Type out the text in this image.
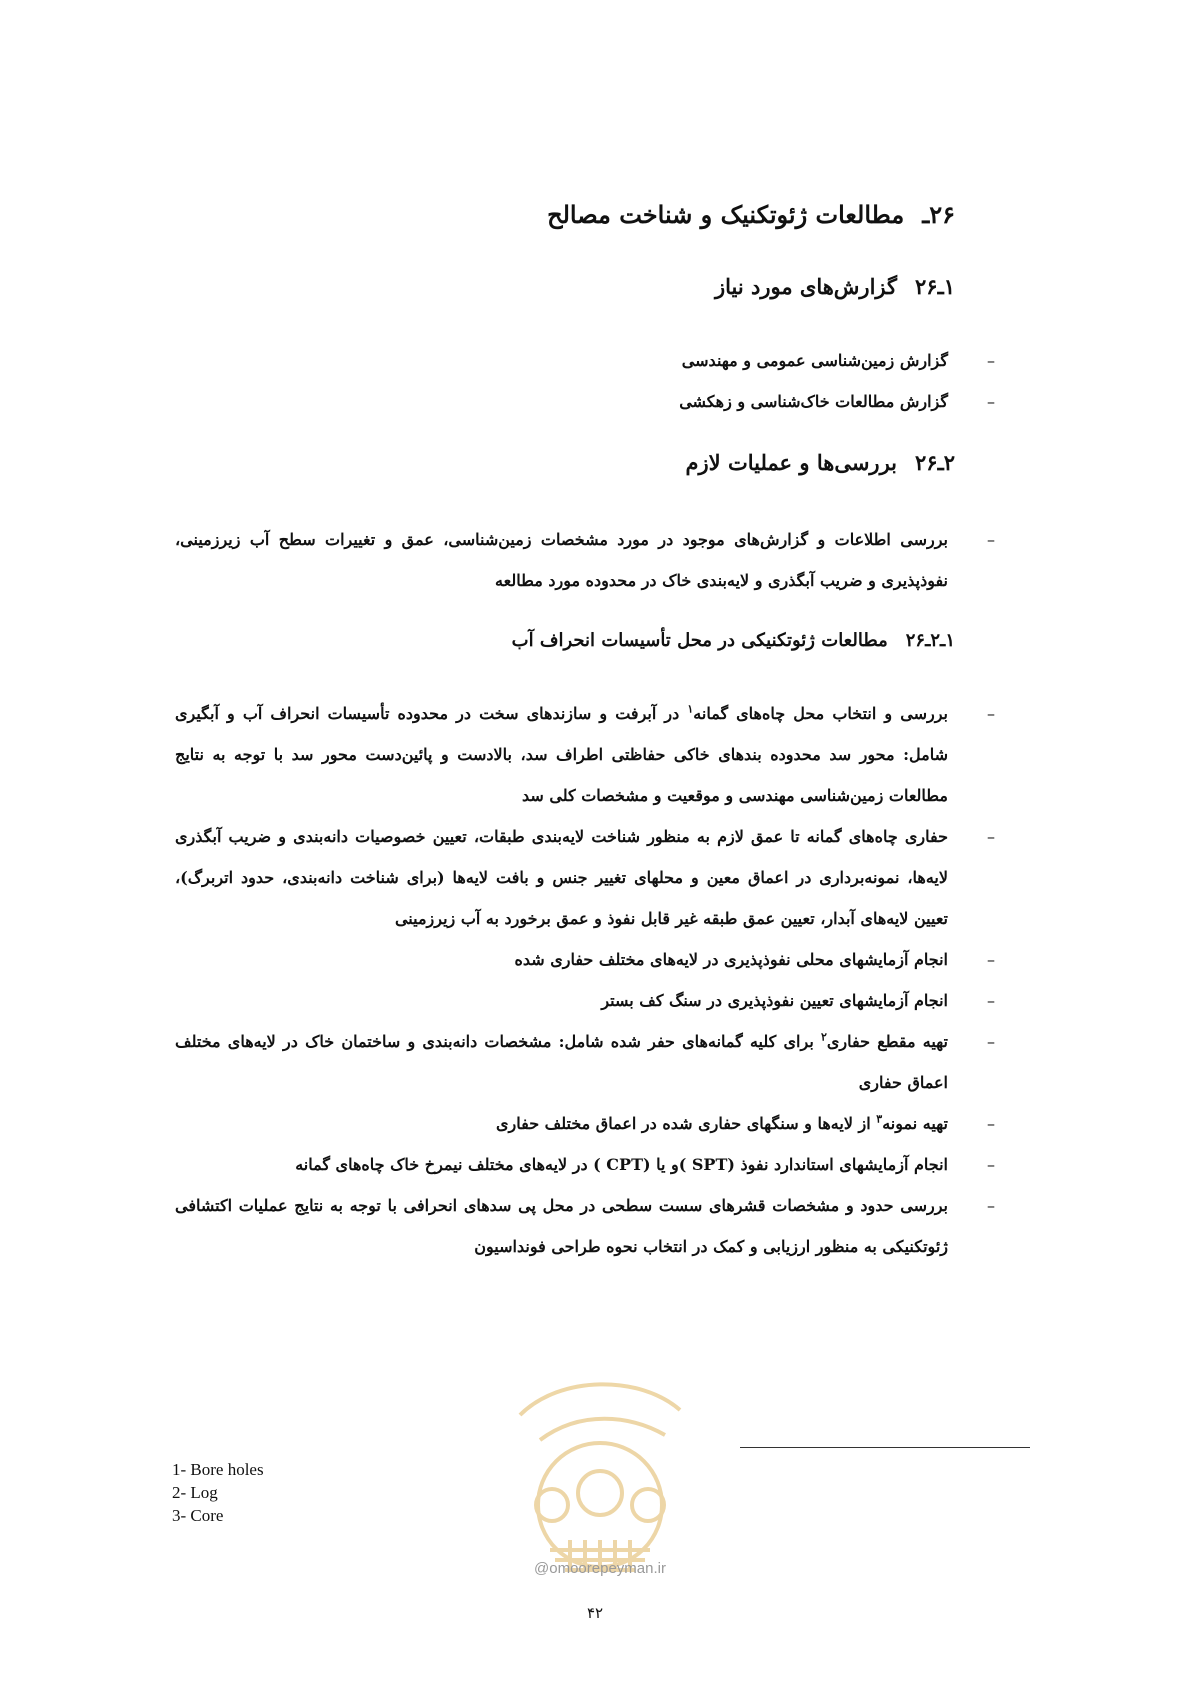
۲۶ـمطالعات ژئوتکنیک و شناخت مصالح
۱ـ۲۶گزارش‌های مورد نیاز
–
گزارش زمین‌شناسی عمومی و مهندسی
–
گزارش مطالعات خاک‌شناسی و زهکشی
۲ـ۲۶بررسی‌ها و عملیات لازم
–
بررسی اطلاعات و گزارش‌های موجود در مورد مشخصات زمین‌شناسی، عمق و تغییرات سطح آب زیرزمینی، نفوذپذیری و ضریب آبگذری و لایه‌بندی خاک در محدوده مورد مطالعه
۱ـ۲ـ۲۶مطالعات ژئوتکنیکی در محل تأسیسات انحراف آب
–
بررسی و انتخاب محل چاه‌های گمانه$^۱$ در آبرفت و سازندهای سخت در محدوده تأسیسات انحراف آب و آبگیری شامل: محور سد محدوده بندهای خاکی حفاظتی اطراف سد، بالادست و پائین‌دست محور سد با توجه به نتایج مطالعات زمین‌شناسی مهندسی و موقعیت و مشخصات کلی سد
–
حفاری چاه‌های گمانه تا عمق لازم به منظور شناخت لایه‌بندی طبقات، تعیین خصوصیات دانه‌بندی و ضریب آبگذری لایه‌ها، نمونه‌برداری در اعماق معین و محلهای تغییر جنس و بافت لایه‌ها (برای شناخت دانه‌بندی، حدود اتربرگ)، تعیین لایه‌های آبدار، تعیین عمق طبقه غیر قابل نفوذ و عمق برخورد به آب زیرزمینی
–
انجام آزمایشهای محلی نفوذپذیری در لایه‌های مختلف حفاری شده
–
انجام آزمایشهای تعیین نفوذپذیری در سنگ کف بستر
–
تهیه مقطع حفاری$^۲$ برای کلیه گمانه‌های حفر شده شامل: مشخصات دانه‌بندی و ساختمان خاک در لایه‌های مختلف اعماق حفاری
–
تهیه نمونه$^۳$ از لایه‌ها و سنگهای حفاری شده در اعماق مختلف حفاری
–
انجام آزمایشهای استاندارد نفوذ (SPT )و یا (CPT ) در لایه‌های مختلف نیمرخ خاک چاه‌های گمانه
–
بررسی حدود و مشخصات قشرهای سست سطحی در محل پی سدهای انحرافی با توجه به نتایج عملیات اکتشافی ژئوتکنیکی به منظور ارزیابی و کمک در انتخاب نحوه طراحی فونداسیون
1- Bore holes
2- Log
3- Core
@omoorepeyman.ir
۴۲
